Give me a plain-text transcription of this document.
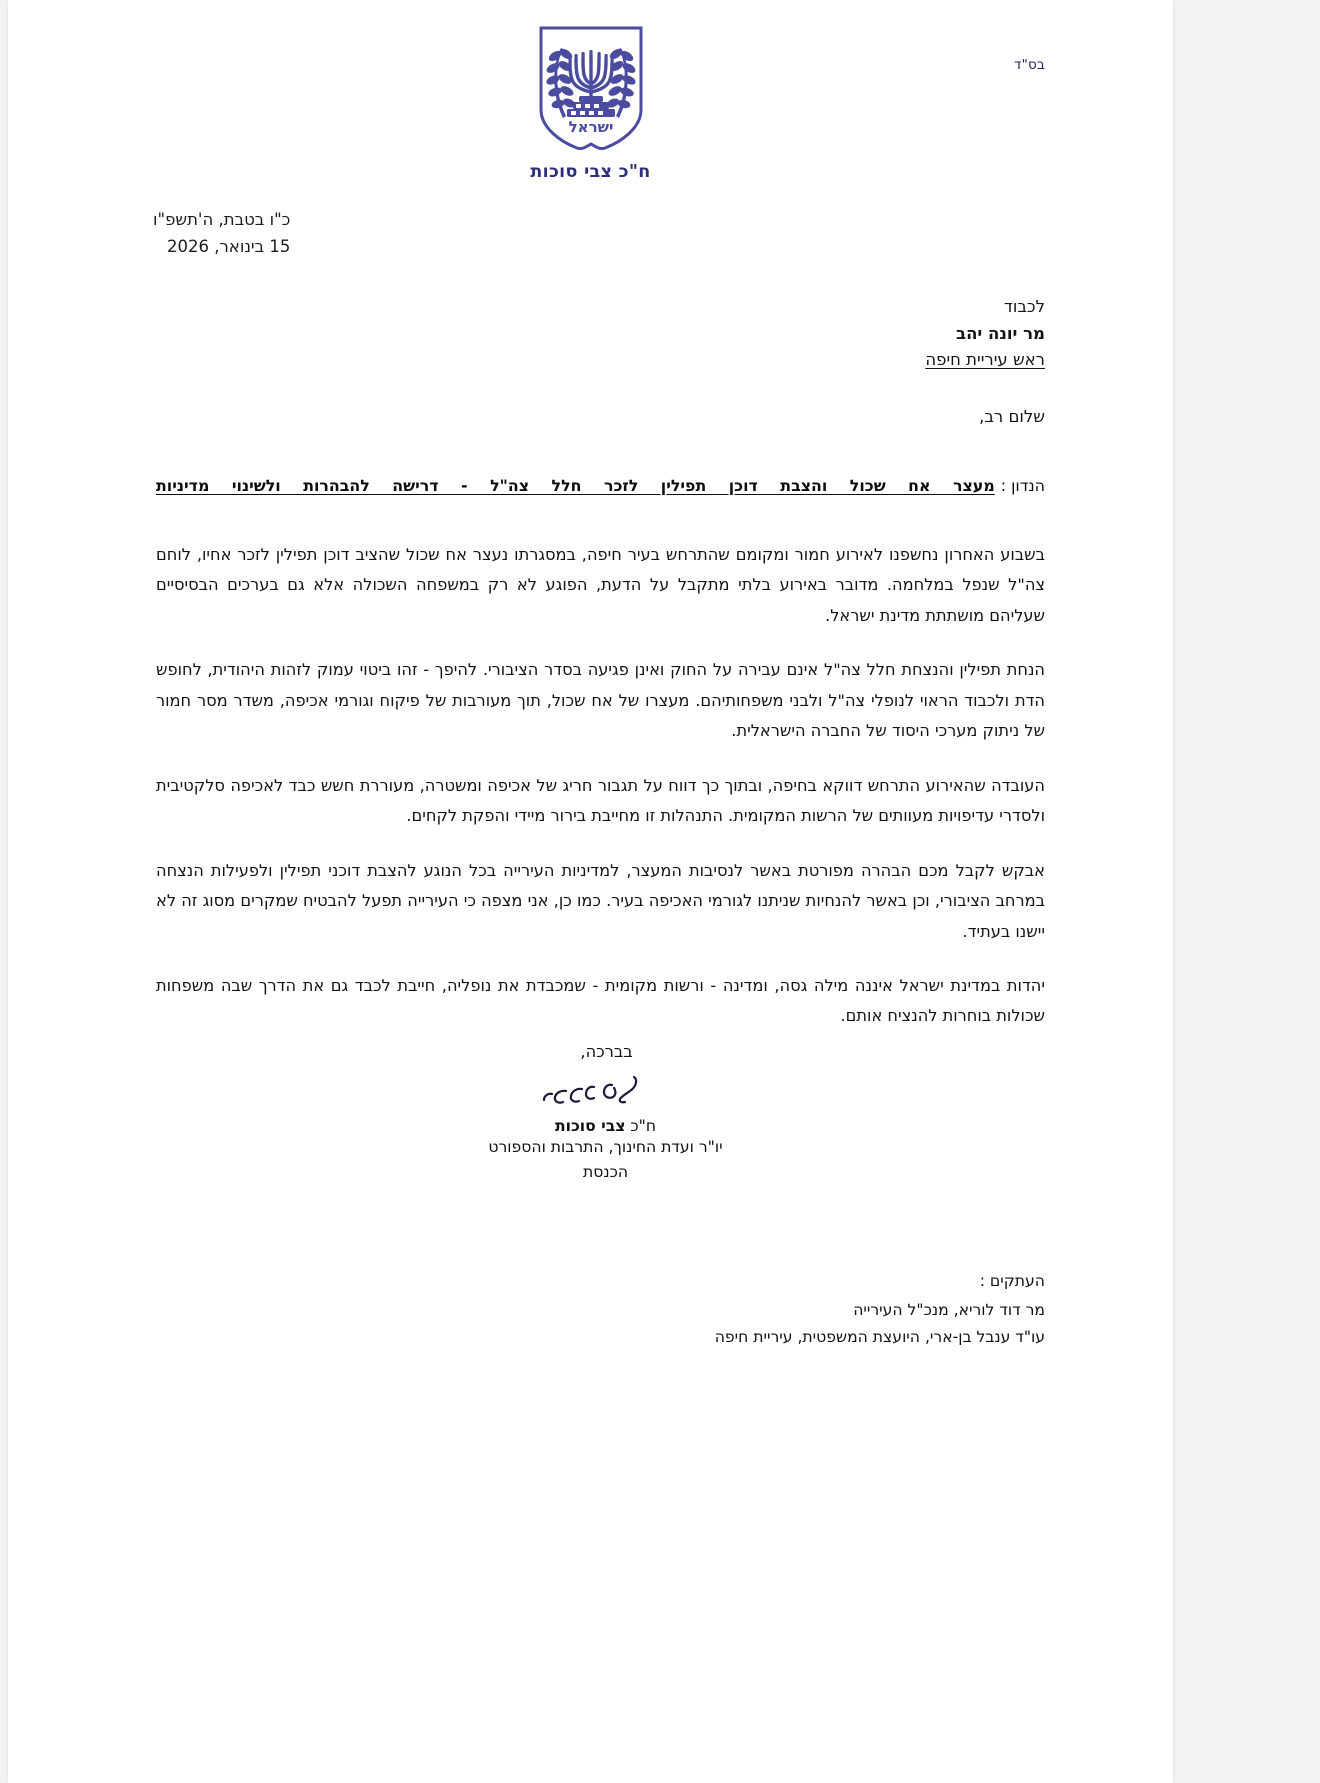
בס"ד
ישראל
ח"כ צבי סוכות
כ"ו בטבת, ה'תשפ"ו
15 בינואר, 2026
לכבוד
מר יונה יהב
ראש עיריית חיפה
שלום רב,
הנדון :
מעצר אח שכול והצבת דוכן תפילין לזכר חלל צה"ל - דרישה להבהרות ולשינוי מדיניות

בשבוע האחרון נחשפנו לאירוע חמור ומקומם שהתרחש בעיר חיפה, במסגרתו נעצר אח שכול שהציב דוכן תפילין לזכר אחיו, לוחם צה"ל שנפל במלחמה. מדובר באירוע בלתי מתקבל על הדעת, הפוגע לא רק במשפחה השכולה אלא גם בערכים הבסיסיים שעליהם מושתתת מדינת ישראל.

הנחת תפילין והנצחת חלל צה"ל אינם עבירה על החוק ואינן פגיעה בסדר הציבורי. להיפך - זהו ביטוי עמוק לזהות היהודית, לחופש הדת ולכבוד הראוי לנופלי צה"ל ולבני משפחותיהם. מעצרו של אח שכול, תוך מעורבות של פיקוח וגורמי אכיפה, משדר מסר חמור של ניתוק מערכי היסוד של החברה הישראלית.

העובדה שהאירוע התרחש דווקא בחיפה, ובתוך כך דווח על תגבור חריג של אכיפה ומשטרה, מעוררת חשש כבד לאכיפה סלקטיבית ולסדרי עדיפויות מעוותים של הרשות המקומית. התנהלות זו מחייבת בירור מיידי והפקת לקחים.

אבקש לקבל מכם הבהרה מפורטת באשר לנסיבות המעצר, למדיניות העירייה בכל הנוגע להצבת דוכני תפילין ולפעילות הנצחה במרחב הציבורי, וכן באשר להנחיות שניתנו לגורמי האכיפה בעיר. כמו כן, אני מצפה כי העירייה תפעל להבטיח שמקרים מסוג זה לא יישנו בעתיד.

יהדות במדינת ישראל איננה מילה גסה, ומדינה - ורשות מקומית - שמכבדת את נופליה, חייבת לכבד גם את הדרך שבה משפחות שכולות בוחרות להנציח אותם.

בברכה,
ח"כ צבי סוכות
יו"ר ועדת החינוך, התרבות והספורט
הכנסת
העתקים :
מר דוד לוריא, מנכ"ל העירייה
עו"ד ענבל בן-ארי, היועצת המשפטית, עיריית חיפה
